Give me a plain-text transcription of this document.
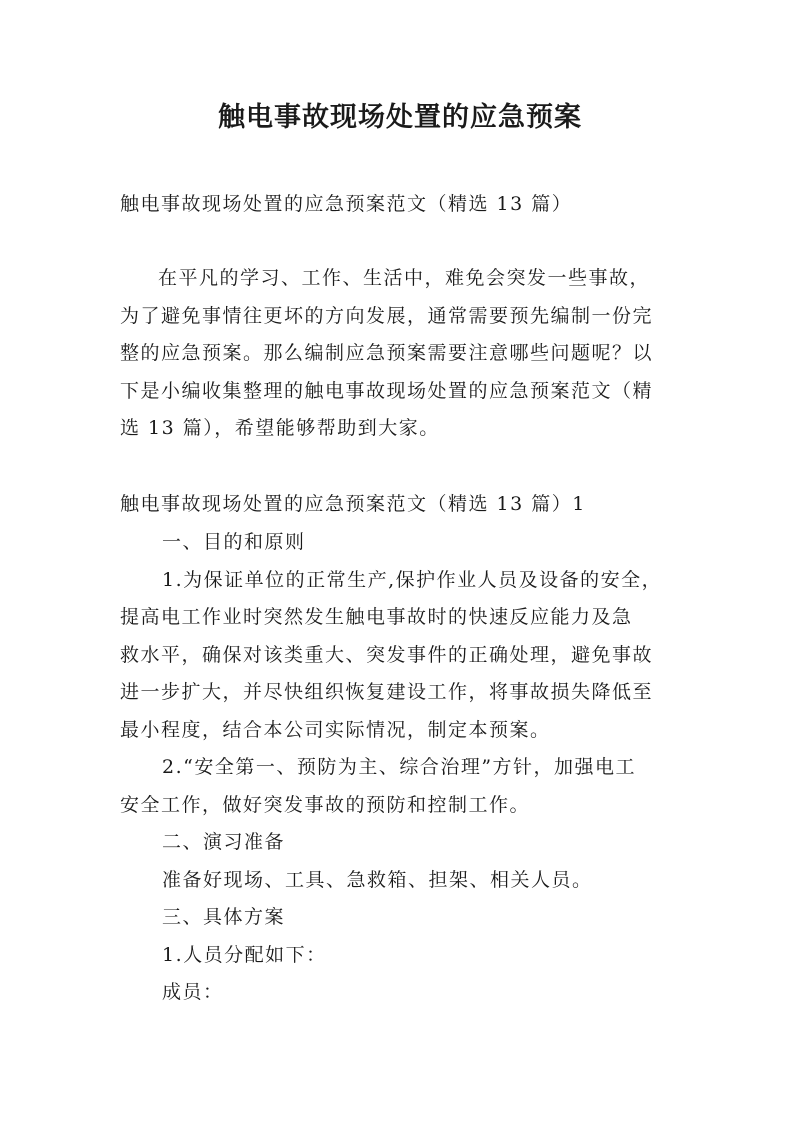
触电事故现场处置的应急预案

触电事故现场处置的应急预案范文（精选 13 篇）

在平凡的学习、工作、生活中，难免会突发一些事故，
为了避免事情往更坏的方向发展，通常需要预先编制一份完
整的应急预案。那么编制应急预案需要注意哪些问题呢？以
下是小编收集整理的触电事故现场处置的应急预案范文（精
选 13 篇），希望能够帮助到大家。

触电事故现场处置的应急预案范文（精选 13 篇）1

一、目的和原则
1.为保证单位的正常生产,保护作业人员及设备的安全，
提高电工作业时突然发生触电事故时的快速反应能力及急
救水平，确保对该类重大、突发事件的正确处理，避免事故
进一步扩大，并尽快组织恢复建设工作，将事故损失降低至
最小程度，结合本公司实际情况，制定本预案。
2.“安全第一、预防为主、综合治理”方针，加强电工
安全工作，做好突发事故的预防和控制工作。
二、演习准备
准备好现场、工具、急救箱、担架、相关人员。
三、具体方案
1.人员分配如下：
成员：
